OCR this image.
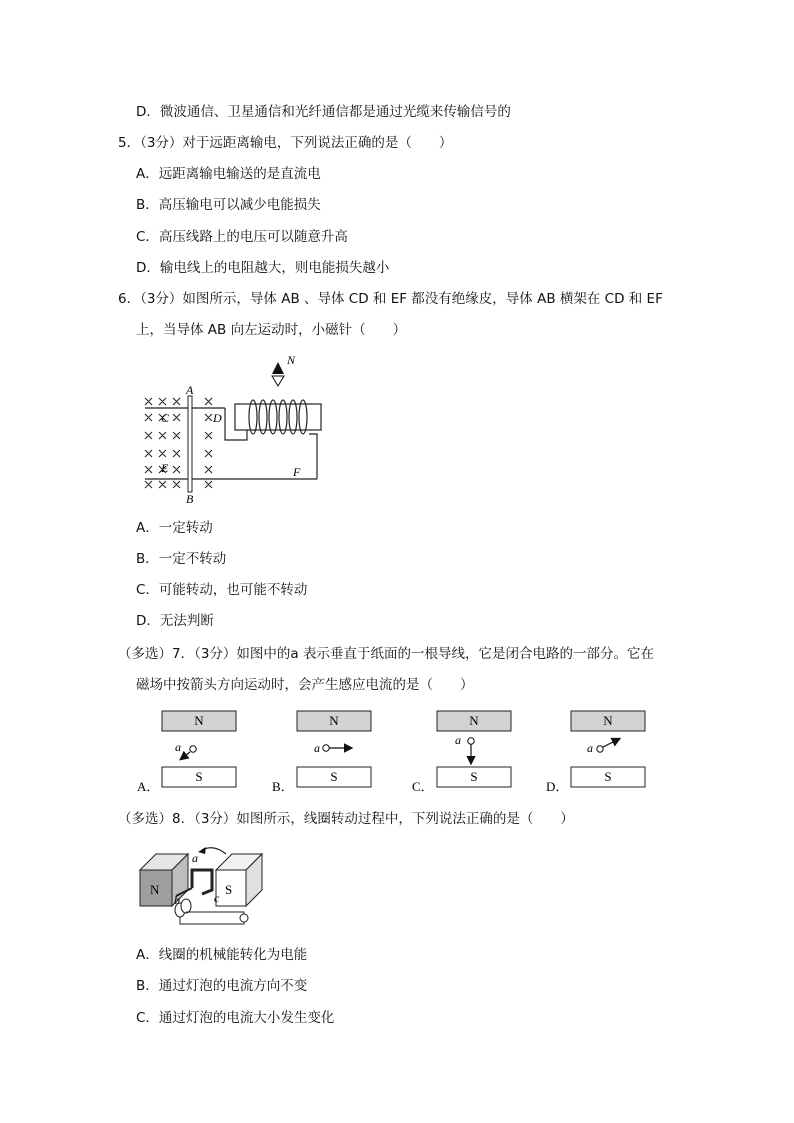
D．微波通信、卫星通信和光纤通信都是通过光缆来传输信号的
5．（3分）对于远距离输电，下列说法正确的是（　　）
A．远距离输电输送的是直流电
B．高压输电可以减少电能损失
C．高压线路上的电压可以随意升高
D．输电线上的电阻越大，则电能损失越小
6．（3分）如图所示，导体 AB 、导体 CD 和 EF 都没有绝缘皮，导体 AB 横架在 CD 和 EF
上，当导体 AB 向左运动时，小磁针（　　）
N
A
B
C	D
E	F
A．一定转动
B．一定不转动
C．可能转动，也可能不转动
D．无法判断
（多选）7．（3分）如图中的a 表示垂直于纸面的一根导线，它是闭合电路的一部分。它在
磁场中按箭头方向运动时，会产生感应电流的是（　　）
N
S
a
A．
N
S
a
B．
N
S
a
C．
N
S
a
D．
（多选）8．（3分）如图所示，线圈转动过程中，下列说法正确的是（　　）
N	S
a
b	c
A．线圈的机械能转化为电能
B．通过灯泡的电流方向不变
C．通过灯泡的电流大小发生变化
